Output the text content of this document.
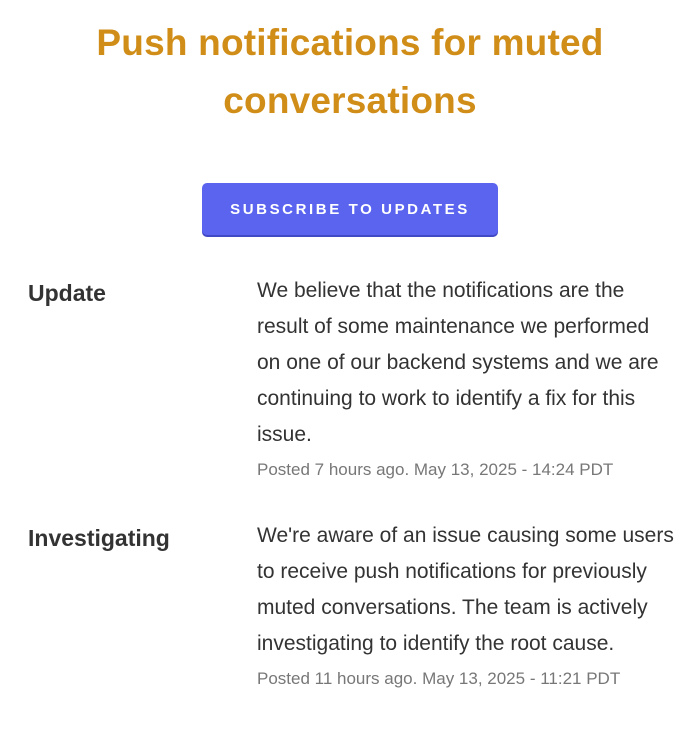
Push notifications for muted conversations
SUBSCRIBE TO UPDATES
Update	We believe that the notifications are the result of some maintenance we performed on one of our backend systems and we are continuing to work to identify a fix for this issue.

Posted 7 hours ago. May 13, 2025 - 14:24 PDT
Investigating	We're aware of an issue causing some users to receive push notifications for previously muted conversations. The team is actively investigating to identify the root cause.

Posted 11 hours ago. May 13, 2025 - 11:21 PDT
